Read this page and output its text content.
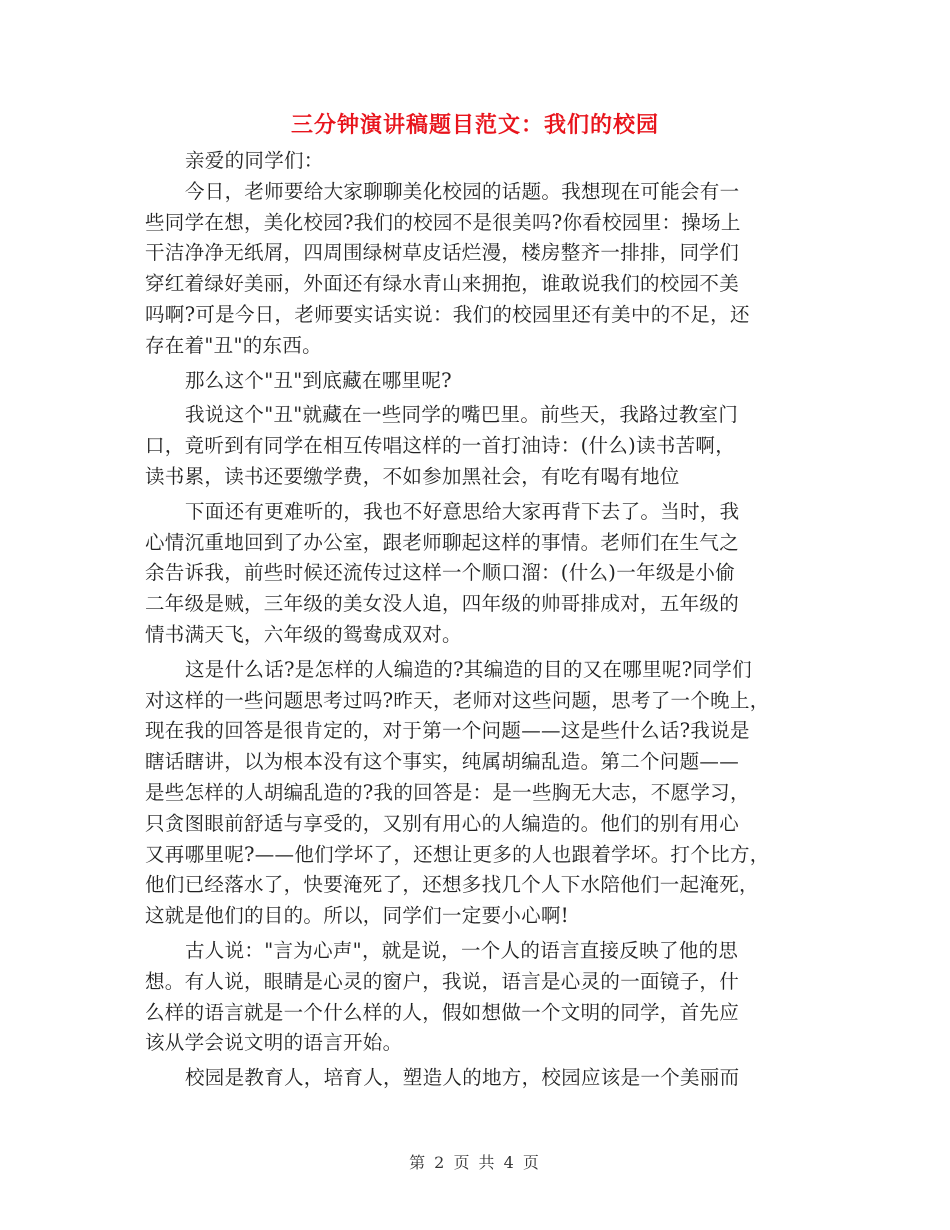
三分钟演讲稿题目范文：我们的校园
亲爱的同学们：
今日，老师要给大家聊聊美化校园的话题。我想现在可能会有一
些同学在想，美化校园?我们的校园不是很美吗?你看校园里：操场上
干洁净净无纸屑，四周围绿树草皮话烂漫，楼房整齐一排排，同学们
穿红着绿好美丽，外面还有绿水青山来拥抱，谁敢说我们的校园不美
吗啊?可是今日，老师要实话实说：我们的校园里还有美中的不足，还
存在着"丑"的东西。
那么这个"丑"到底藏在哪里呢?
我说这个"丑"就藏在一些同学的嘴巴里。前些天，我路过教室门
口，竟听到有同学在相互传唱这样的一首打油诗：(什么)读书苦啊，
读书累，读书还要缴学费，不如参加黑社会，有吃有喝有地位
下面还有更难听的，我也不好意思给大家再背下去了。当时，我
心情沉重地回到了办公室，跟老师聊起这样的事情。老师们在生气之
余告诉我，前些时候还流传过这样一个顺口溜：(什么)一年级是小偷
二年级是贼，三年级的美女没人追，四年级的帅哥排成对，五年级的
情书满天飞，六年级的鸳鸯成双对。
这是什么话?是怎样的人编造的?其编造的目的又在哪里呢?同学们
对这样的一些问题思考过吗?昨天，老师对这些问题，思考了一个晚上，
现在我的回答是很肯定的，对于第一个问题——这是些什么话?我说是
瞎话瞎讲，以为根本没有这个事实，纯属胡编乱造。第二个问题——
是些怎样的人胡编乱造的?我的回答是：是一些胸无大志，不愿学习，
只贪图眼前舒适与享受的，又别有用心的人编造的。他们的别有用心
又再哪里呢?——他们学坏了，还想让更多的人也跟着学坏。打个比方，
他们已经落水了，快要淹死了，还想多找几个人下水陪他们一起淹死，
这就是他们的目的。所以，同学们一定要小心啊!
古人说："言为心声"，就是说，一个人的语言直接反映了他的思
想。有人说，眼睛是心灵的窗户，我说，语言是心灵的一面镜子，什
么样的语言就是一个什么样的人，假如想做一个文明的同学，首先应
该从学会说文明的语言开始。
校园是教育人，培育人，塑造人的地方，校园应该是一个美丽而
第 2 页 共 4 页
